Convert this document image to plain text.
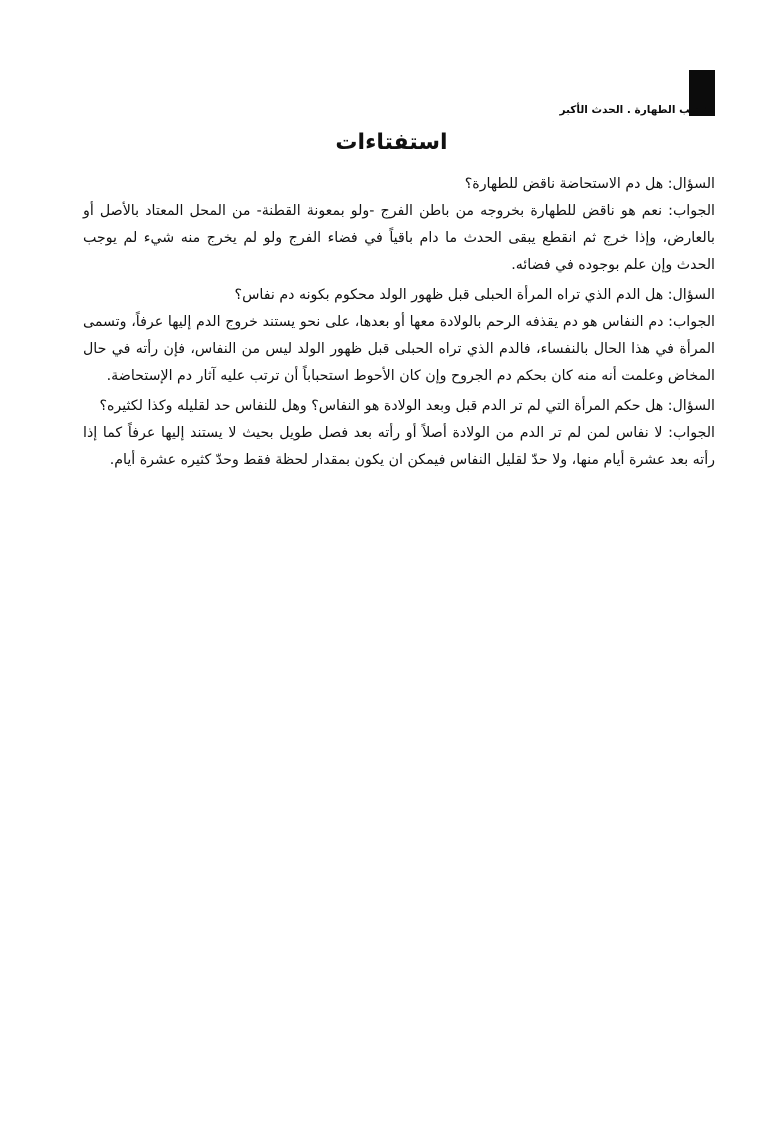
مكاتيب الطهارة . الحدث الأكبر
استفتاءات

السؤال: هل دم الاستحاضة ناقض للطهارة؟

الجواب: نعم هو ناقض للطهارة بخروجه من باطن الفرج -ولو بمعونة القطنة- من المحل المعتاد بالأصل أو بالعارض، وإذا خرج ثم انقطع يبقى الحدث ما دام باقياً في فضاء الفرج ولو لم يخرج منه شيء لم يوجب الحدث وإن علم بوجوده في فضائه.

السؤال: هل الدم الذي تراه المرأة الحبلى قبل ظهور الولد محكوم بكونه دم نفاس؟

الجواب: دم النفاس هو دم يقذفه الرحم بالولادة معها أو بعدها، على نحو يستند خروج الدم إليها عرفاً، وتسمى المرأة في هذا الحال بالنفساء، فالدم الذي تراه الحبلى قبل ظهور الولد ليس من النفاس، فإن رأته في حال المخاض وعلمت أنه منه كان بحكم دم الجروح وإن كان الأحوط استحباباً أن ترتب عليه آثار دم الإستحاضة.

السؤال: هل حكم المرأة التي لم تر الدم قبل وبعد الولادة هو النفاس؟ وهل للنفاس حد لقليله وكذا لكثيره؟

الجواب: لا نفاس لمن لم تر الدم من الولادة أصلاً أو رأته بعد فصل طويل بحيث لا يستند إليها عرفاً كما إذا رأته بعد عشرة أيام منها، ولا حدّ لقليل النفاس فيمكن ان يكون بمقدار لحظة فقط وحدّ كثيره عشرة أيام.
